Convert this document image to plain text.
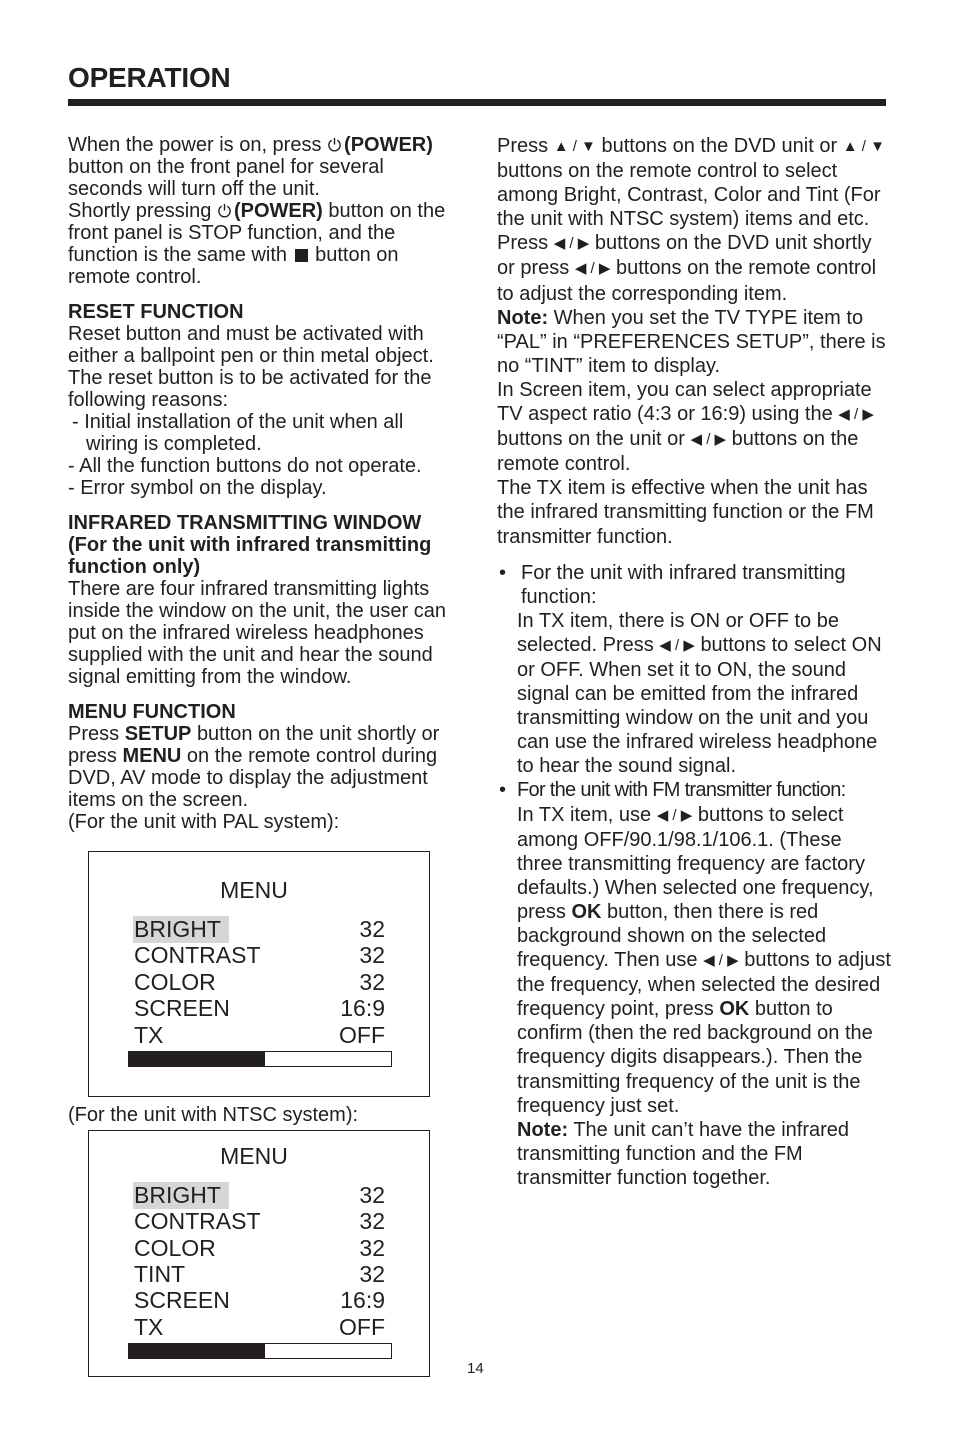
OPERATION

When the power is on, press (POWER) button on the front panel for several seconds will turn off the unit.

Shortly pressing (POWER) button on the front panel is STOP function, and the function is the same with button on remote control.

RESET FUNCTION

Reset button and must be activated with either a ballpoint pen or thin metal object. The reset button is to be activated for the following reasons:

- Initial installation of the unit when all wiring is completed.

- All the function buttons do not operate.

- Error symbol on the display.

INFRARED TRANSMITTING WINDOW

(For the unit with infrared transmitting function only)

There are four infrared transmitting lights inside the window on the unit, the user can put on the infrared wireless headphones supplied with the unit and hear the sound signal emitting from the window.

MENU FUNCTION

Press SETUP button on the unit shortly or press MENU on the remote control during DVD, AV mode to display the adjustment items on the screen.

(For the unit with PAL system):

MENU
BRIGHT	32
CONTRAST	32
COLOR	32
SCREEN	16:9
TX	OFF
(For the unit with NTSC system):
MENU
BRIGHT	32
CONTRAST	32
COLOR	32
TINT	32
SCREEN	16:9
TX	OFF

Press ▲ / ▼ buttons on the DVD unit or ▲ / ▼ buttons on the remote control to select among Bright, Contrast, Color and Tint (For the unit with NTSC system) items and etc. Press ◀ / ▶ buttons on the DVD unit shortly or press ◀ / ▶ buttons on the remote control to adjust the corresponding item.

Note: When you set the TV TYPE item to “PAL” in “PREFERENCES SETUP”, there is no “TINT” item to display.

In Screen item, you can select appropriate TV aspect ratio (4:3 or 16:9) using the ◀ / ▶ buttons on the unit or ◀ / ▶ buttons on the remote control.

The TX item is effective when the unit has the infrared transmitting function or the FM transmitter function.

• For the unit with infrared transmitting function:

In TX item, there is ON or OFF to be selected. Press ◀ / ▶ buttons to select ON or OFF. When set it to ON, the sound signal can be emitted from the infrared transmitting window on the unit and you can use the infrared wireless headphone to hear the sound signal.

• For the unit with FM transmitter function:

In TX item, use ◀ / ▶ buttons to select among OFF/90.1/98.1/106.1. (These three transmitting frequency are factory defaults.) When selected one frequency, press OK button, then there is red background shown on the selected frequency. Then use ◀ / ▶ buttons to adjust the frequency, when selected the desired frequency point, press OK button to confirm (then the red background on the frequency digits disappears.). Then the transmitting frequency of the unit is the frequency just set.

Note: The unit can’t have the infrared transmitting function and the FM transmitter function together.

14
